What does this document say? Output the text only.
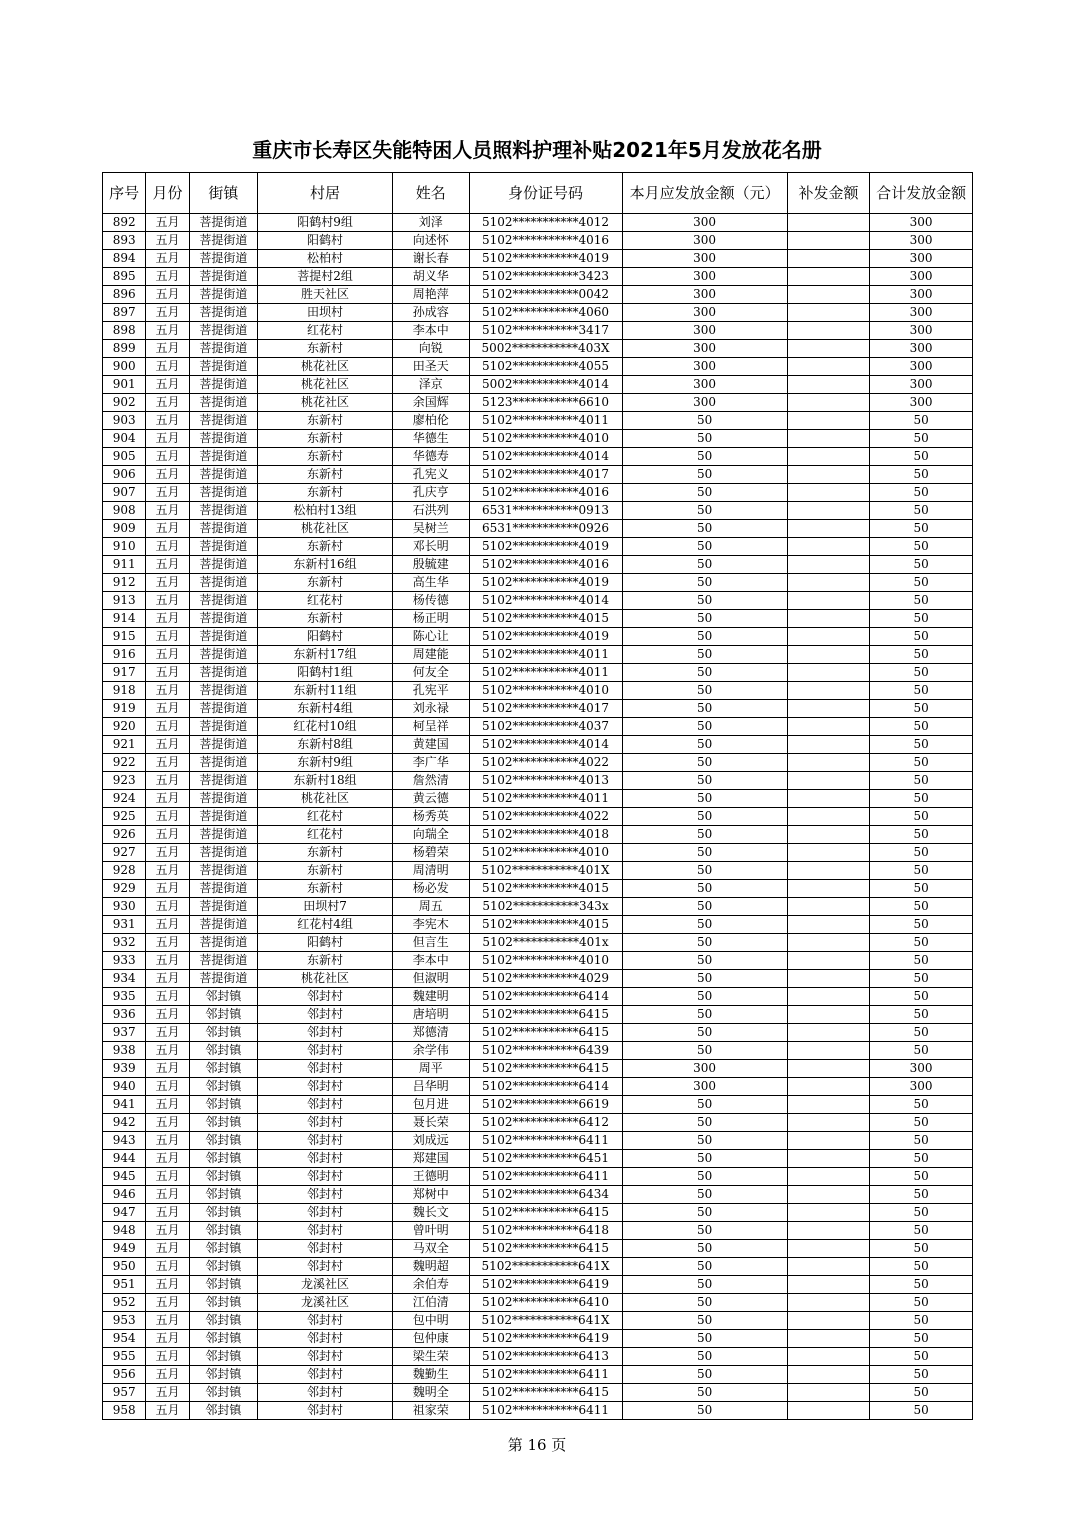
重庆市长寿区失能特困人员照料护理补贴2021年5月发放花名册
序号	月份	街镇	村居	姓名	身份证号码	本月应发放金额（元）	补发金额	合计发放金额
892	五月	菩提街道	阳鹤村9组	刘泽	5102***********4012	300		300
893	五月	菩提街道	阳鹤村	向述怀	5102***********4016	300		300
894	五月	菩提街道	松柏村	谢长春	5102***********4019	300		300
895	五月	菩提街道	菩提村2组	胡义华	5102***********3423	300		300
896	五月	菩提街道	胜天社区	周艳萍	5102***********0042	300		300
897	五月	菩提街道	田坝村	孙成容	5102***********4060	300		300
898	五月	菩提街道	红花村	李本中	5102***********3417	300		300
899	五月	菩提街道	东新村	向锐	5002***********403X	300		300
900	五月	菩提街道	桃花社区	田圣天	5102***********4055	300		300
901	五月	菩提街道	桃花社区	泽京	5002***********4014	300		300
902	五月	菩提街道	桃花社区	余国辉	5123***********6610	300		300
903	五月	菩提街道	东新村	廖柏伦	5102***********4011	50		50
904	五月	菩提街道	东新村	华德生	5102***********4010	50		50
905	五月	菩提街道	东新村	华德寿	5102***********4014	50		50
906	五月	菩提街道	东新村	孔宪义	5102***********4017	50		50
907	五月	菩提街道	东新村	孔庆亨	5102***********4016	50		50
908	五月	菩提街道	松柏村13组	石洪列	6531***********0913	50		50
909	五月	菩提街道	桃花社区	吴树兰	6531***********0926	50		50
910	五月	菩提街道	东新村	邓长明	5102***********4019	50		50
911	五月	菩提街道	东新村16组	殷毓建	5102***********4016	50		50
912	五月	菩提街道	东新村	高生华	5102***********4019	50		50
913	五月	菩提街道	红花村	杨传德	5102***********4014	50		50
914	五月	菩提街道	东新村	杨正明	5102***********4015	50		50
915	五月	菩提街道	阳鹤村	陈心让	5102***********4019	50		50
916	五月	菩提街道	东新村17组	周建能	5102***********4011	50		50
917	五月	菩提街道	阳鹤村1组	何友全	5102***********4011	50		50
918	五月	菩提街道	东新村11组	孔宪平	5102***********4010	50		50
919	五月	菩提街道	东新村4组	刘永禄	5102***********4017	50		50
920	五月	菩提街道	红花村10组	柯呈祥	5102***********4037	50		50
921	五月	菩提街道	东新村8组	黄建国	5102***********4014	50		50
922	五月	菩提街道	东新村9组	李广华	5102***********4022	50		50
923	五月	菩提街道	东新村18组	詹然清	5102***********4013	50		50
924	五月	菩提街道	桃花社区	黄云德	5102***********4011	50		50
925	五月	菩提街道	红花村	杨秀英	5102***********4022	50		50
926	五月	菩提街道	红花村	向瑞全	5102***********4018	50		50
927	五月	菩提街道	东新村	杨碧荣	5102***********4010	50		50
928	五月	菩提街道	东新村	周清明	5102***********401X	50		50
929	五月	菩提街道	东新村	杨必发	5102***********4015	50		50
930	五月	菩提街道	田坝村7	周五	5102***********343x	50		50
931	五月	菩提街道	红花村4组	李宪木	5102***********4015	50		50
932	五月	菩提街道	阳鹤村	但言生	5102***********401x	50		50
933	五月	菩提街道	东新村	李本中	5102***********4010	50		50
934	五月	菩提街道	桃花社区	但淑明	5102***********4029	50		50
935	五月	邻封镇	邻封村	魏建明	5102***********6414	50		50
936	五月	邻封镇	邻封村	唐培明	5102***********6415	50		50
937	五月	邻封镇	邻封村	郑德清	5102***********6415	50		50
938	五月	邻封镇	邻封村	余学伟	5102***********6439	50		50
939	五月	邻封镇	邻封村	周平	5102***********6415	300		300
940	五月	邻封镇	邻封村	吕华明	5102***********6414	300		300
941	五月	邻封镇	邻封村	包月进	5102***********6619	50		50
942	五月	邻封镇	邻封村	聂长荣	5102***********6412	50		50
943	五月	邻封镇	邻封村	刘成远	5102***********6411	50		50
944	五月	邻封镇	邻封村	郑建国	5102***********6451	50		50
945	五月	邻封镇	邻封村	王德明	5102***********6411	50		50
946	五月	邻封镇	邻封村	郑树中	5102***********6434	50		50
947	五月	邻封镇	邻封村	魏长文	5102***********6415	50		50
948	五月	邻封镇	邻封村	曾叶明	5102***********6418	50		50
949	五月	邻封镇	邻封村	马双全	5102***********6415	50		50
950	五月	邻封镇	邻封村	魏明超	5102***********641X	50		50
951	五月	邻封镇	龙溪社区	余伯寿	5102***********6419	50		50
952	五月	邻封镇	龙溪社区	江伯清	5102***********6410	50		50
953	五月	邻封镇	邻封村	包中明	5102***********641X	50		50
954	五月	邻封镇	邻封村	包仲康	5102***********6419	50		50
955	五月	邻封镇	邻封村	梁生荣	5102***********6413	50		50
956	五月	邻封镇	邻封村	魏勤生	5102***********6411	50		50
957	五月	邻封镇	邻封村	魏明全	5102***********6415	50		50
958	五月	邻封镇	邻封村	祖家荣	5102***********6411	50		50
第 16 页
